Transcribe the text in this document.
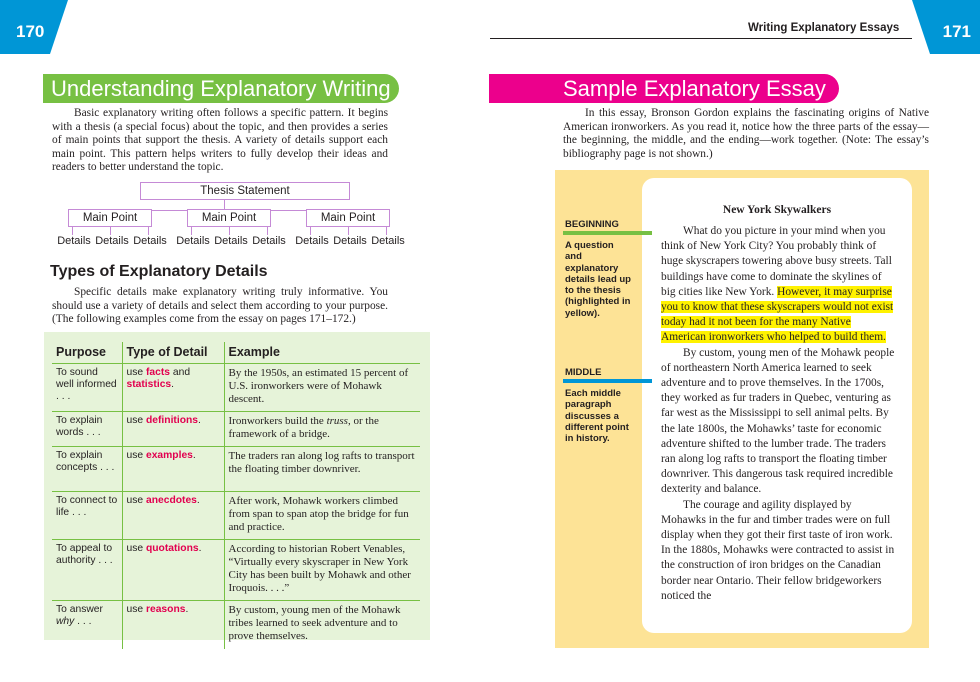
170	171
Writing Explanatory Essays
Understanding Explanatory Writing

Basic explanatory writing often follows a specific pattern. It begins with a thesis (a special focus) about the topic, and then provides a series of main points that support the thesis. A variety of details support each main point. This pattern helps writers to fully develop their ideas and readers to better understand the topic.

Thesis Statement
Main Point	Main Point	Main Point
Details Details Details Details Details Details Details Details Details
Types of Explanatory Details

Specific details make explanatory writing truly informative. You should use a variety of details and select them according to your purpose. (The following examples come from the essay on pages 171–172.)

Purpose	Type of Detail	Example
To sound well informed . . .	use facts and statistics.	By the 1950s, an estimated 15 percent of U.S. ironworkers were of Mohawk descent.
To explain words . . .	use definitions.	Ironworkers build the truss, or the framework of a bridge.
To explain concepts . . .	use examples.	The traders ran along log rafts to transport the floating timber downriver.
To connect to life . . .	use anecdotes.	After work, Mohawk workers climbed from span to span atop the bridge for fun and practice.
To appeal to authority . . .	use quotations.	According to historian Robert Venables, “Virtually every skyscraper in New York City has been built by Mohawk and other Iroquois. . . .”
To answer
why . . .	use reasons.	By custom, young men of the Mohawk tribes learned to seek adventure and to prove themselves.
Sample Explanatory Essay

In this essay, Bronson Gordon explains the fascinating origins of Native American ironworkers. As you read it, notice how the three parts of the essay—the beginning, the middle, and the ending—work together. (Note: The essay’s bibliography page is not shown.)

BEGINNING
A question and explanatory details lead up to the thesis (highlighted in yellow).
MIDDLE
Each middle paragraph discusses a different point in history.
New York Skywalkers

What do you picture in your mind when you think of New York City? You probably think of huge skyscrapers towering above busy streets. Tall buildings have come to dominate the skylines of big cities like New York. However, it may surprise you to know that these skyscrapers would not exist today had it not been for the many Native American ironworkers who helped to build them.

By custom, young men of the Mohawk people of northeastern North America learned to seek adventure and to prove themselves. In the 1700s, they worked as fur traders in Quebec, venturing as far west as the Mississippi to sell animal pelts. By the late 1800s, the Mohawks’ taste for economic adventure shifted to the lumber trade. The traders ran along log rafts to transport the floating timber downriver. This dangerous task required incredible dexterity and balance.

The courage and agility displayed by Mohawks in the fur and timber trades were on full display when they got their first taste of iron work. In the 1880s, Mohawks were contracted to assist in the construction of iron bridges on the Canadian border near Ontario. Their fellow bridgeworkers noticed the
